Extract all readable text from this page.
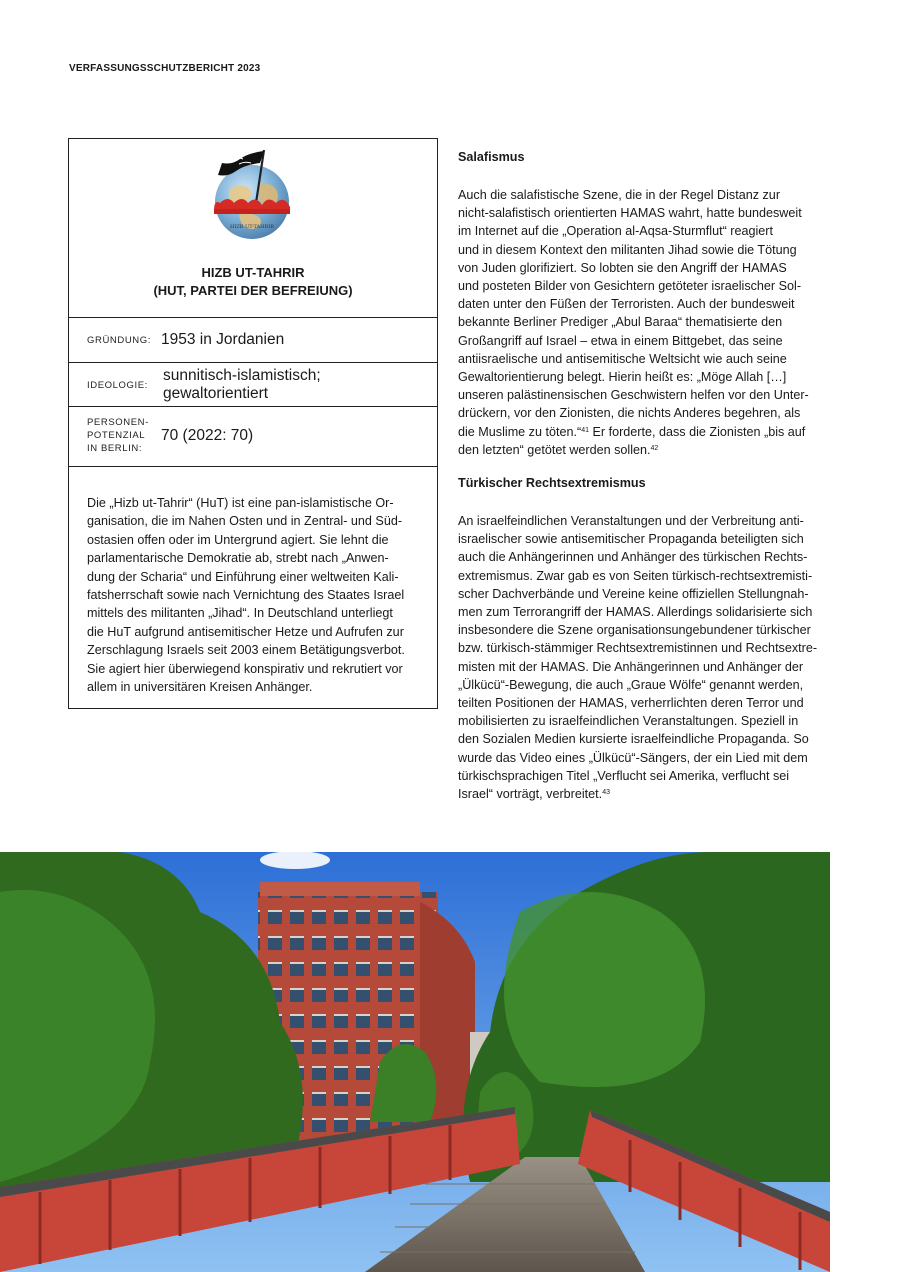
VERFASSUNGSSCHUTZBERICHT 2023
HIZB UT-TAHRIR
HIZB UT-TAHRIR
(HUT, PARTEI DER BEFREIUNG)
GRÜNDUNG: 1953 in Jordanien
IDEOLOGIE:
sunnitisch-islamistisch;
gewaltorientiert
PERSONEN-
POTENZIAL
IN BERLIN:
70 (2022: 70)
Die „Hizb ut-Tahrir“ (HuT) ist eine pan-islamistische Or-
ganisation, die im Nahen Osten und in Zentral- und Süd-
ostasien offen oder im Untergrund agiert. Sie lehnt die
parlamentarische Demokratie ab, strebt nach „Anwen-
dung der Scharia“ und Einführung einer weltweiten Kali-
fatsherrschaft sowie nach Vernichtung des Staates Israel
mittels des militanten „Jihad“. In Deutschland unterliegt
die HuT aufgrund antisemitischer Hetze und Aufrufen zur
Zerschlagung Israels seit 2003 einem Betätigungsverbot.
Sie agiert hier überwiegend konspirativ und rekrutiert vor
allem in universitären Kreisen Anhänger.
Salafismus
Auch die salafistische Szene, die in der Regel Distanz zur
nicht-salafistisch orientierten HAMAS wahrt, hatte bundesweit
im Internet auf die „Operation al-Aqsa-Sturmflut“ reagiert
und in diesem Kontext den militanten Jihad sowie die Tötung
von Juden glorifiziert. So lobten sie den Angriff der HAMAS
und posteten Bilder von Gesichtern getöteter israelischer Sol-
daten unter den Füßen der Terroristen. Auch der bundesweit
bekannte Berliner Prediger „Abul Baraa“ thematisierte den
Großangriff auf Israel – etwa in einem Bittgebet, das seine
antiisraelische und antisemitische Weltsicht wie auch seine
Gewaltorientierung belegt. Hierin heißt es: „Möge Allah […]
unseren palästinensischen Geschwistern helfen vor den Unter-
drückern, vor den Zionisten, die nichts Anderes begehren, als
die Muslime zu töten.“$^{41}$ Er forderte, dass die Zionisten „bis auf
den letzten“ getötet werden sollen.$^{42}$
Türkischer Rechtsextremismus
An israelfeindlichen Veranstaltungen und der Verbreitung anti-
israelischer sowie antisemitischer Propaganda beteiligten sich
auch die Anhängerinnen und Anhänger des türkischen Rechts-
extremismus. Zwar gab es von Seiten türkisch-rechtsextremisti-
scher Dachverbände und Vereine keine offiziellen Stellungnah-
men zum Terrorangriff der HAMAS. Allerdings solidarisierte sich
insbesondere die Szene organisationsungebundener türkischer
bzw. türkisch-stämmiger Rechtsextremistinnen und Rechtsextre-
misten mit der HAMAS. Die Anhängerinnen und Anhänger der
„Ülkücü“-Bewegung, die auch „Graue Wölfe“ genannt werden,
teilten Positionen der HAMAS, verherrlichten deren Terror und
mobilisierten zu israelfeindlichen Veranstaltungen. Speziell in
den Sozialen Medien kursierte israelfeindliche Propaganda. So
wurde das Video eines „Ülkücü“-Sängers, der ein Lied mit dem
türkischsprachigen Titel „Verflucht sei Amerika, verflucht sei
Israel“ vorträgt, verbreitet.$^{43}$
